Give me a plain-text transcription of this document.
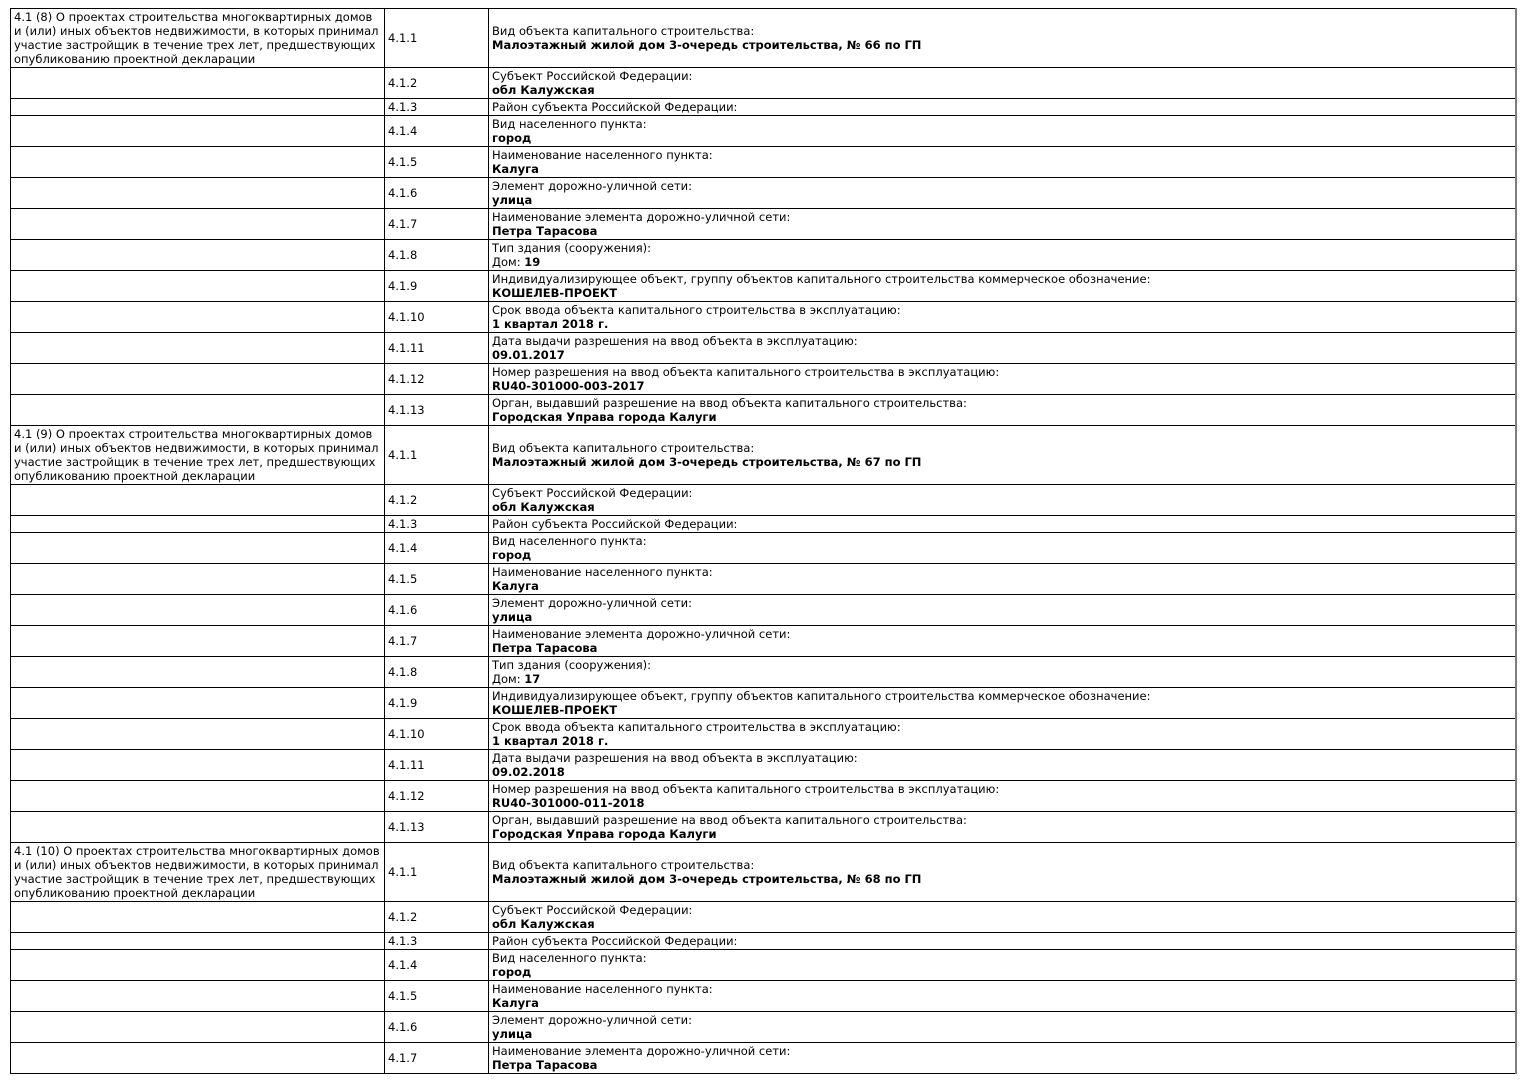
4.1 (8) О проектах строительства многоквартирных домов и (или) иных объектов недвижимости, в которых принимал участие застройщик в течение трех лет, предшествующих опубликованию проектной декларации	4.1.1	Вид объекта капитального строительства:
Малоэтажный жилой дом 3-очередь строительства, № 66 по ГП

	4.1.2	Субъект Российской Федерации:
обл Калужская

	4.1.3	Район субъекта Российской Федерации:

	4.1.4	Вид населенного пункта:
город

	4.1.5	Наименование населенного пункта:
Калуга

	4.1.6	Элемент дорожно-уличной сети:
улица

	4.1.7	Наименование элемента дорожно-уличной сети:
Петра Тарасова

	4.1.8	Тип здания (сооружения):
Дом: 19

	4.1.9	Индивидуализирующее объект, группу объектов капитального строительства коммерческое обозначение:
КОШЕЛЕВ-ПРОЕКТ

	4.1.10	Срок ввода объекта капитального строительства в эксплуатацию:
1 квартал 2018 г.

	4.1.11	Дата выдачи разрешения на ввод объекта в эксплуатацию:
09.01.2017

	4.1.12	Номер разрешения на ввод объекта капитального строительства в эксплуатацию:
RU40-301000-003-2017

	4.1.13	Орган, выдавший разрешение на ввод объекта капитального строительства:
Городская Управа города Калуги

4.1 (9) О проектах строительства многоквартирных домов и (или) иных объектов недвижимости, в которых принимал участие застройщик в течение трех лет, предшествующих опубликованию проектной декларации	4.1.1	Вид объекта капитального строительства:
Малоэтажный жилой дом 3-очередь строительства, № 67 по ГП

	4.1.2	Субъект Российской Федерации:
обл Калужская

	4.1.3	Район субъекта Российской Федерации:

	4.1.4	Вид населенного пункта:
город

	4.1.5	Наименование населенного пункта:
Калуга

	4.1.6	Элемент дорожно-уличной сети:
улица

	4.1.7	Наименование элемента дорожно-уличной сети:
Петра Тарасова

	4.1.8	Тип здания (сооружения):
Дом: 17

	4.1.9	Индивидуализирующее объект, группу объектов капитального строительства коммерческое обозначение:
КОШЕЛЕВ-ПРОЕКТ

	4.1.10	Срок ввода объекта капитального строительства в эксплуатацию:
1 квартал 2018 г.

	4.1.11	Дата выдачи разрешения на ввод объекта в эксплуатацию:
09.02.2018

	4.1.12	Номер разрешения на ввод объекта капитального строительства в эксплуатацию:
RU40-301000-011-2018

	4.1.13	Орган, выдавший разрешение на ввод объекта капитального строительства:
Городская Управа города Калуги

4.1 (10) О проектах строительства многоквартирных домов и (или) иных объектов недвижимости, в которых принимал участие застройщик в течение трех лет, предшествующих опубликованию проектной декларации	4.1.1	Вид объекта капитального строительства:
Малоэтажный жилой дом 3-очередь строительства, № 68 по ГП

	4.1.2	Субъект Российской Федерации:
обл Калужская

	4.1.3	Район субъекта Российской Федерации:

	4.1.4	Вид населенного пункта:
город

	4.1.5	Наименование населенного пункта:
Калуга

	4.1.6	Элемент дорожно-уличной сети:
улица

	4.1.7	Наименование элемента дорожно-уличной сети:
Петра Тарасова
